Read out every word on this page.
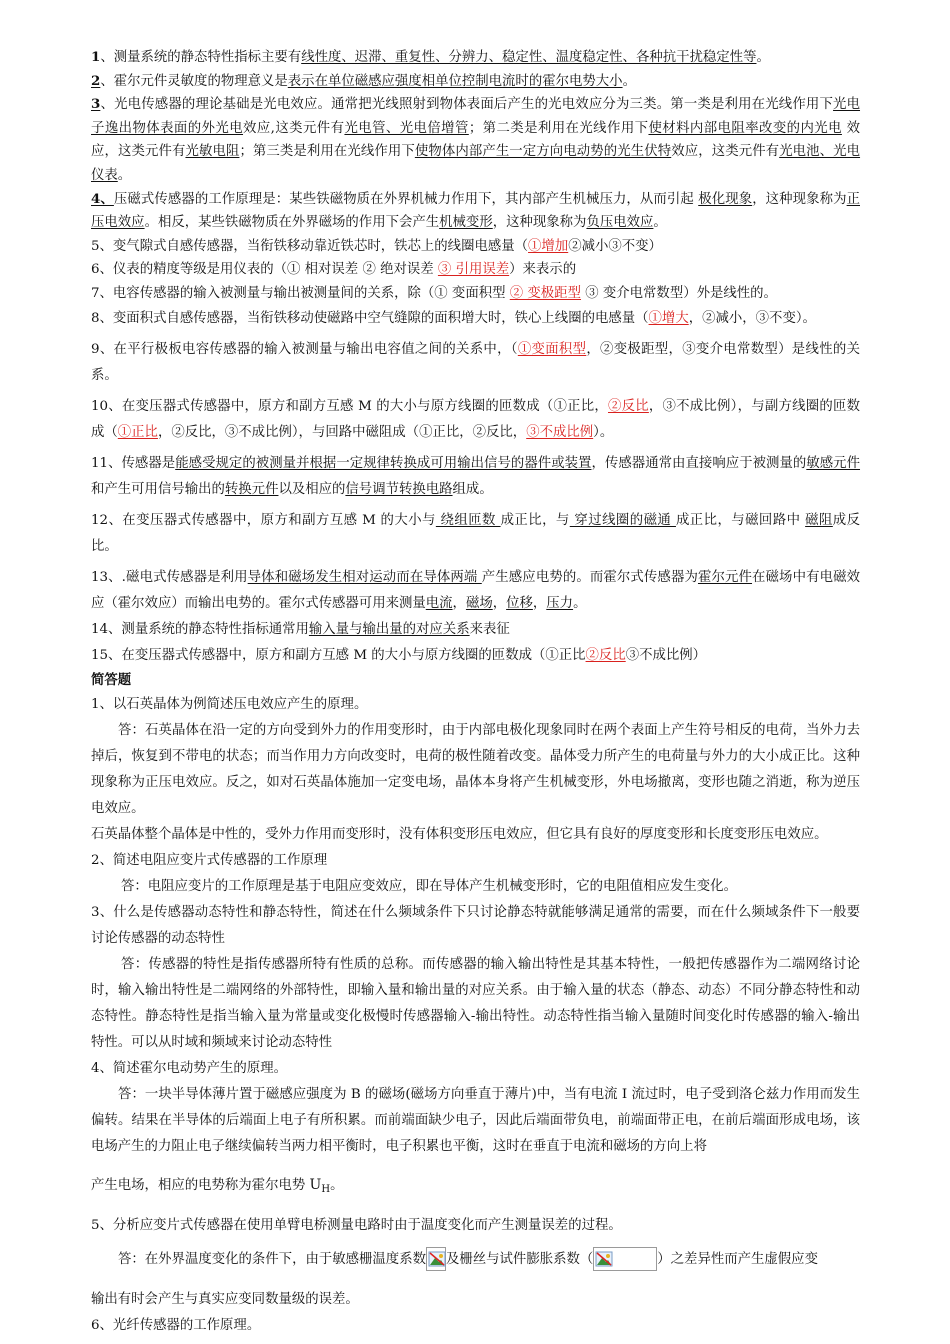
1、测量系统的静态特性指标主要有线性度、迟滞、重复性、分辨力、稳定性、温度稳定性、各种抗干扰稳定性等。

2、霍尔元件灵敏度的物理意义是表示在单位磁感应强度相单位控制电流时的霍尔电势大小。

3、光电传感器的理论基础是光电效应。通常把光线照射到物体表面后产生的光电效应分为三类。第一类是利用在光线作用下光电子逸出物体表面的外光电效应,这类元件有光电管、光电倍增管；第二类是利用在光线作用下使材料内部电阻率改变的内光电 效应，这类元件有光敏电阻；第三类是利用在光线作用下使物体内部产生一定方向电动势的光生伏特效应，这类元件有光电池、光电仪表。

4、压磁式传感器的工作原理是：某些铁磁物质在外界机械力作用下，其内部产生机械压力，从而引起 极化现象，这种现象称为正压电效应。相反，某些铁磁物质在外界磁场的作用下会产生机械变形，这种现象称为负压电效应。

5、变气隙式自感传感器，当衔铁移动靠近铁芯时，铁芯上的线圈电感量（①增加②减小③不变）

6、仪表的精度等级是用仪表的（① 相对误差 ② 绝对误差 ③ 引用误差）来表示的

7、电容传感器的输入被测量与输出被测量间的关系，除（① 变面积型 ② 变极距型 ③ 变介电常数型）外是线性的。

8、变面积式自感传感器，当衔铁移动使磁路中空气缝隙的面积增大时，铁心上线圈的电感量（①增大，②减小，③不变）。

9、在平行极板电容传感器的输入被测量与输出电容值之间的关系中，（①变面积型，②变极距型，③变介电常数型）是线性的关系。

10、在变压器式传感器中，原方和副方互感 M 的大小与原方线圈的匝数成（①正比，②反比，③不成比例），与副方线圈的匝数成（①正比，②反比，③不成比例），与回路中磁阻成（①正比，②反比，③不成比例）。

11、传感器是能感受规定的被测量并根据一定规律转换成可用输出信号的器件或装置，传感器通常由直接响应于被测量的敏感元件 和产生可用信号输出的转换元件以及相应的信号调节转换电路组成。

12、在变压器式传感器中，原方和副方互感 M 的大小与 绕组匝数 成正比，与 穿过线圈的磁通 成正比，与磁回路中 磁阻成反比。

13、.磁电式传感器是利用导体和磁场发生相对运动而在导体两端 产生感应电势的。而霍尔式传感器为霍尔元件在磁场中有电磁效应（霍尔效应）而输出电势的。霍尔式传感器可用来测量电流，磁场，位移，压力。

14、测量系统的静态特性指标通常用输入量与输出量的对应关系来表征

15、在变压器式传感器中，原方和副方互感 M 的大小与原方线圈的匝数成（①正比②反比③不成比例）

简答题

1、以石英晶体为例简述压电效应产生的原理。

答：石英晶体在沿一定的方向受到外力的作用变形时，由于内部电极化现象同时在两个表面上产生符号相反的电荷，当外力去掉后，恢复到不带电的状态；而当作用力方向改变时，电荷的极性随着改变。晶体受力所产生的电荷量与外力的大小成正比。这种现象称为正压电效应。反之，如对石英晶体施加一定变电场，晶体本身将产生机械变形，外电场撤离，变形也随之消逝，称为逆压电效应。

石英晶体整个晶体是中性的，受外力作用而变形时，没有体积变形压电效应，但它具有良好的厚度变形和长度变形压电效应。

2、简述电阻应变片式传感器的工作原理

答：电阻应变片的工作原理是基于电阻应变效应，即在导体产生机械变形时，它的电阻值相应发生变化。

3、什么是传感器动态特性和静态特性，简述在什么频域条件下只讨论静态特就能够满足通常的需要，而在什么频域条件下一般要讨论传感器的动态特性

答：传感器的特性是指传感器所特有性质的总称。而传感器的输入输出特性是其基本特性，一般把传感器作为二端网络讨论时，输入输出特性是二端网络的外部特性，即输入量和输出量的对应关系。由于输入量的状态（静态、动态）不同分静态特性和动态特性。静态特性是指当输入量为常量或变化极慢时传感器输入-输出特性。动态特性指当输入量随时间变化时传感器的输入-输出特性。可以从时域和频域来讨论动态特性

4、简述霍尔电动势产生的原理。

答：一块半导体薄片置于磁感应强度为 B 的磁场(磁场方向垂直于薄片)中，当有电流 I 流过时，电子受到洛仑兹力作用而发生偏转。结果在半导体的后端面上电子有所积累。而前端面缺少电子，因此后端面带负电，前端面带正电，在前后端面形成电场，该电场产生的力阻止电子继续偏转当两力相平衡时，电子积累也平衡，这时在垂直于电流和磁场的方向上将

产生电场，相应的电势称为霍尔电势 $U_H$。

5、分析应变片式传感器在使用单臂电桥测量电路时由于温度变化而产生测量误差的过程。

答：在外界温度变化的条件下，由于敏感栅温度系数 及栅丝与试件膨胀系数（	）之差异性而产生虚假应变

输出有时会产生与真实应变同数量级的误差。

6、光纤传感器的工作原理。
